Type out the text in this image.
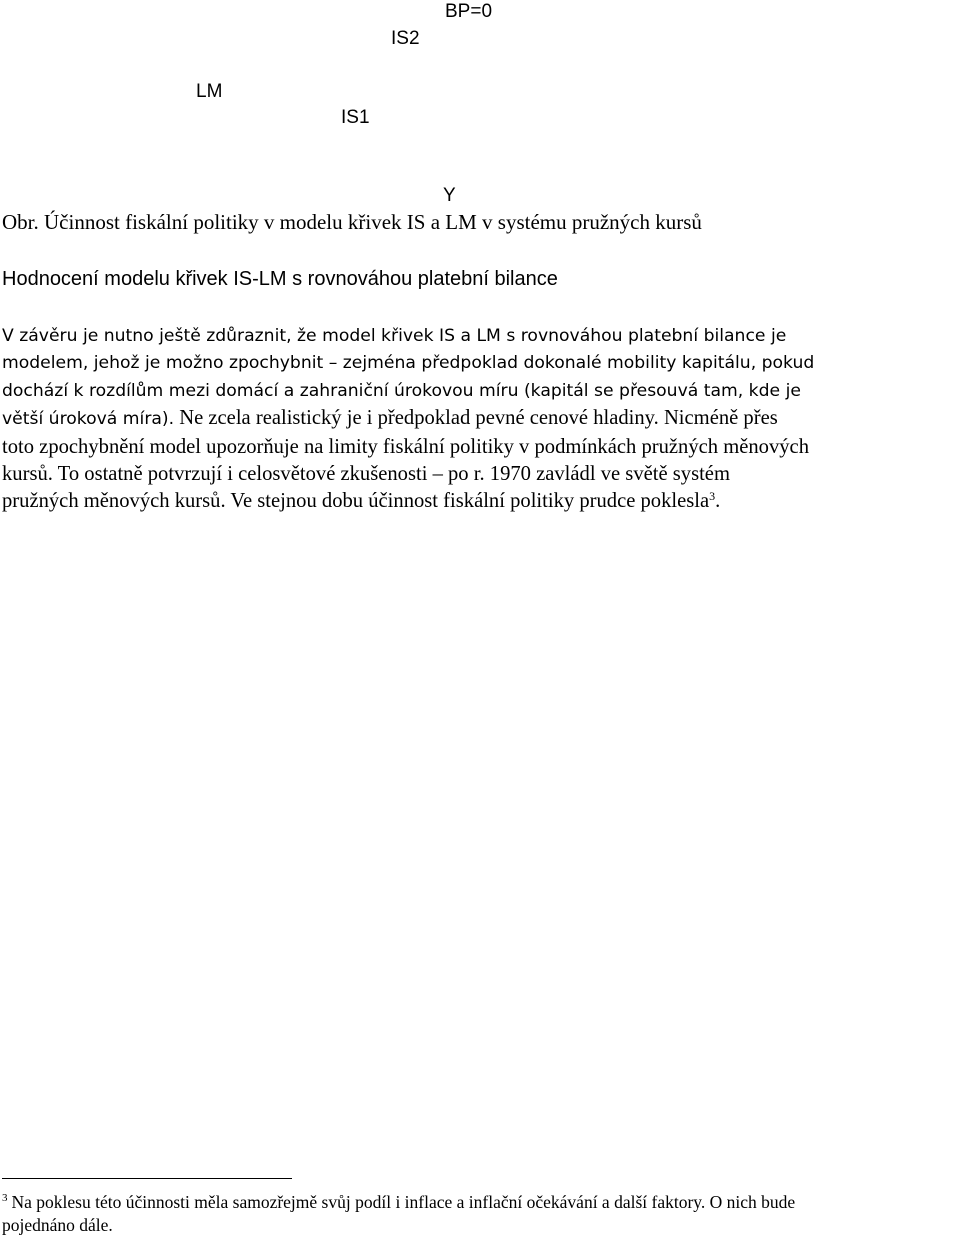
BP=0
IS2
LM
IS1
Y
Obr. Účinnost fiskální politiky v modelu křivek IS a LM v systému pružných kursů
Hodnocení modelu křivek IS-LM s rovnováhou platební bilance
V závěru je nutno ještě zdůraznit, že model křivek IS a LM s rovnováhou platební bilance je
modelem, jehož je možno zpochybnit – zejména předpoklad dokonalé mobility kapitálu, pokud
dochází k rozdílům mezi domácí a zahraniční úrokovou míru (kapitál se přesouvá tam, kde je
větší úroková míra). Ne zcela realistický je i předpoklad pevné cenové hladiny. Nicméně přes
toto zpochybnění model upozorňuje na limity fiskální politiky v podmínkách pružných měnových
kursů. To ostatně potvrzují i celosvětové zkušenosti – po r. 1970 zavládl ve světě systém
pružných měnových kursů. Ve stejnou dobu účinnost fiskální politiky prudce poklesla$^3$.
$^3$ Na poklesu této účinnosti měla samozřejmě svůj podíl i inflace a inflační očekávání a další faktory. O nich bude
pojednáno dále.
